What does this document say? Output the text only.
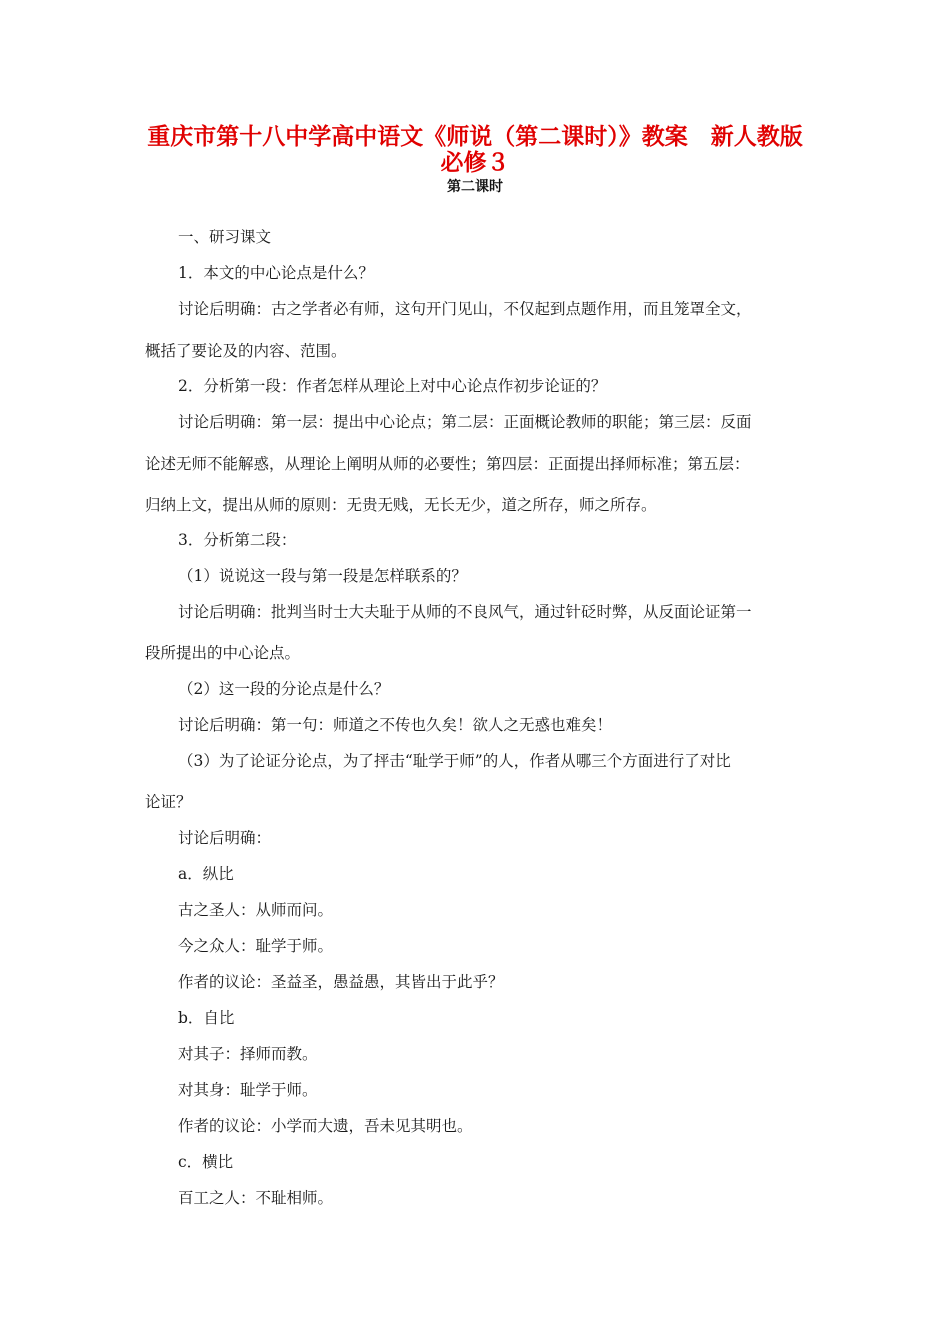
重庆市第十八中学高中语文《师说（第二课时）》教案　新人教版
必修３
第二课时
一、研习课文
1．本文的中心论点是什么？
讨论后明确：古之学者必有师，这句开门见山，不仅起到点题作用，而且笼罩全文，
概括了要论及的内容、范围。
2．分析第一段：作者怎样从理论上对中心论点作初步论证的？
讨论后明确：第一层：提出中心论点；第二层：正面概论教师的职能；第三层：反面
论述无师不能解惑，从理论上阐明从师的必要性；第四层：正面提出择师标准；第五层：
归纳上文，提出从师的原则：无贵无贱，无长无少，道之所存，师之所存。
3．分析第二段：
（1）说说这一段与第一段是怎样联系的？
讨论后明确：批判当时士大夫耻于从师的不良风气，通过针砭时弊，从反面论证第一
段所提出的中心论点。
（2）这一段的分论点是什么？
讨论后明确：第一句：师道之不传也久矣！欲人之无惑也难矣！
（3）为了论证分论点，为了抨击“耻学于师”的人，作者从哪三个方面进行了对比
论证？
讨论后明确：
a．纵比
古之圣人：从师而问。
今之众人：耻学于师。
作者的议论：圣益圣，愚益愚，其皆出于此乎？
b．自比
对其子：择师而教。
对其身：耻学于师。
作者的议论：小学而大遗，吾未见其明也。
c．横比
百工之人：不耻相师。
